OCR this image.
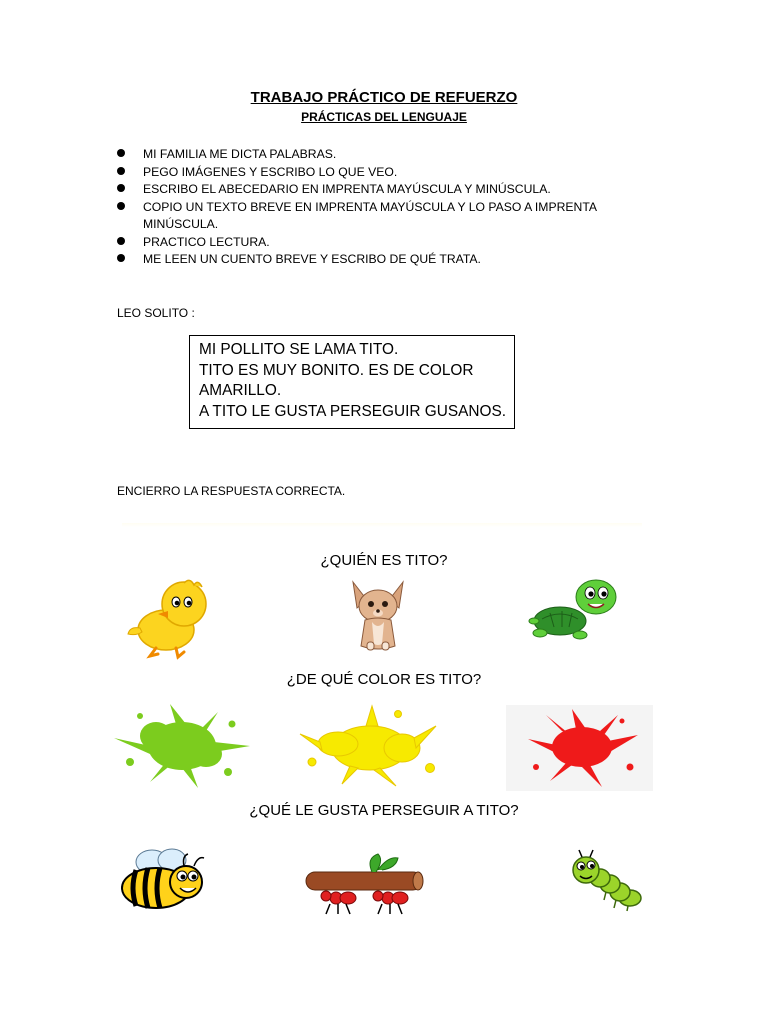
TRABAJO PRÁCTICO DE REFUERZO
PRÁCTICAS DEL LENGUAJE
MI FAMILIA ME DICTA PALABRAS.
PEGO IMÁGENES Y ESCRIBO LO QUE VEO.
ESCRIBO EL ABECEDARIO EN IMPRENTA MAYÚSCULA Y MINÚSCULA.
COPIO UN TEXTO BREVE EN IMPRENTA MAYÚSCULA Y LO PASO A IMPRENTA
MINÚSCULA.
PRACTICO LECTURA.
ME LEEN UN CUENTO BREVE Y ESCRIBO DE QUÉ TRATA.
LEO SOLITO :
MI POLLITO SE LAMA TITO.
TITO ES MUY BONITO. ES DE COLOR
AMARILLO.
A TITO LE GUSTA PERSEGUIR GUSANOS.
ENCIERRO LA RESPUESTA CORRECTA.
¿QUIÉN ES TITO?
¿DE QUÉ COLOR ES TITO?
¿QUÉ LE GUSTA PERSEGUIR A TITO?
